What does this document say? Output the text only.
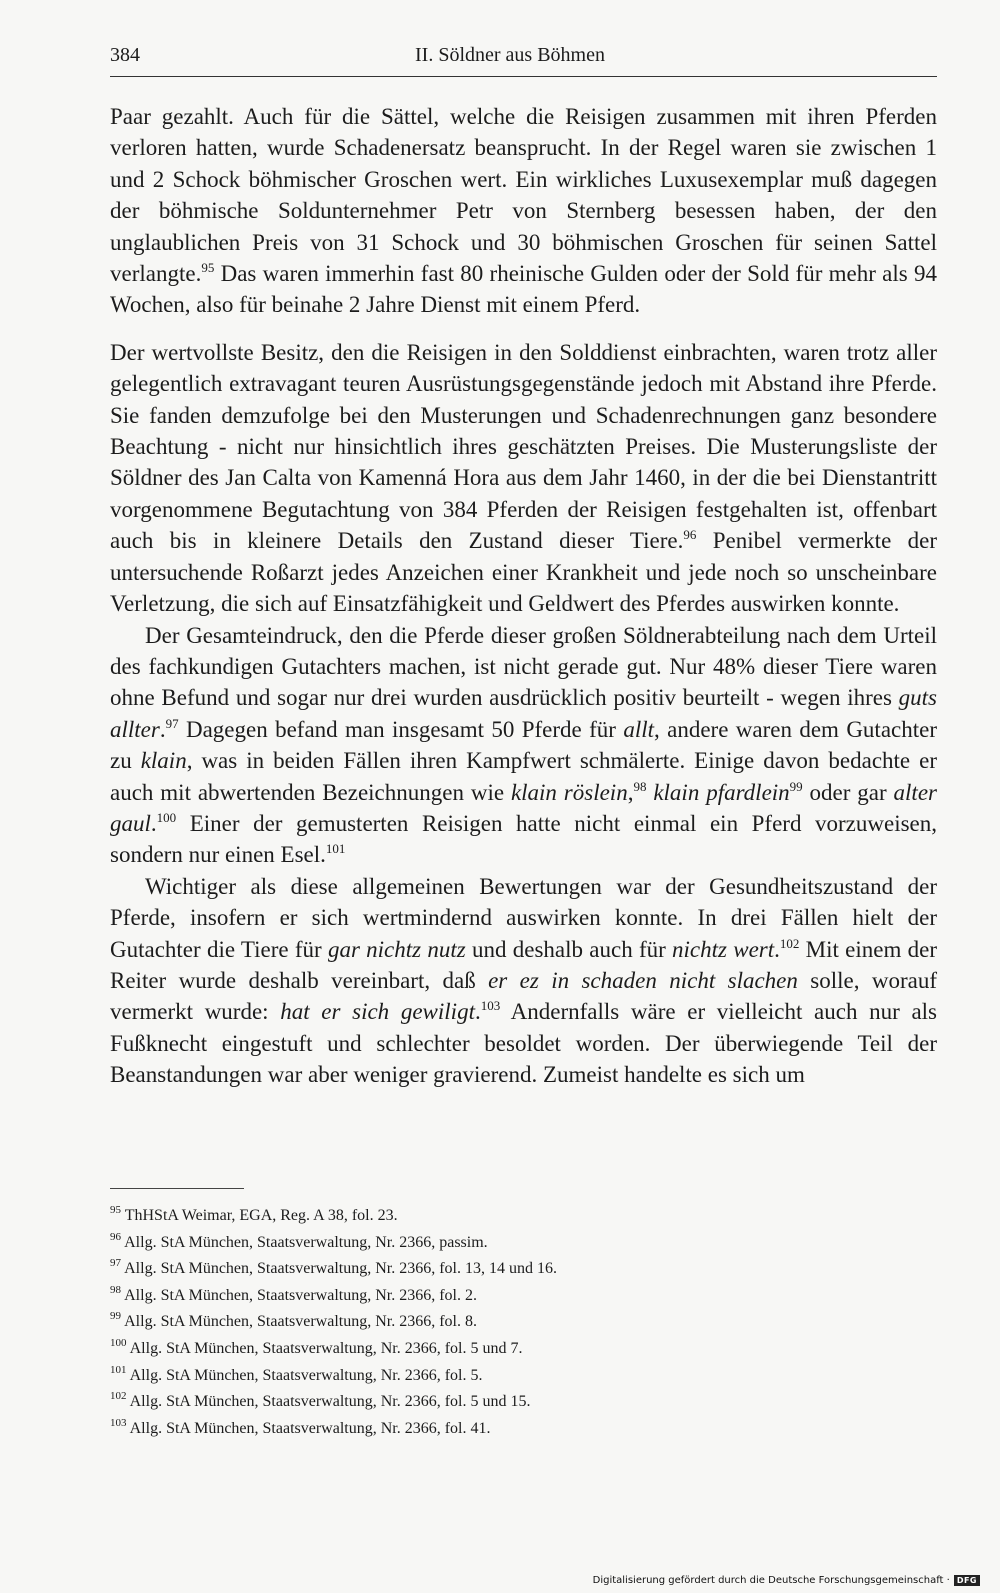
384	II. Söldner aus Böhmen

Paar gezahlt. Auch für die Sättel, welche die Reisigen zusammen mit ihren Pferden verloren hatten, wurde Schadenersatz beansprucht. In der Regel waren sie zwischen 1 und 2 Schock böhmischer Groschen wert. Ein wirkliches Luxusexemplar muß dagegen der böhmische Soldunternehmer Petr von Sternberg besessen haben, der den unglaublichen Preis von 31 Schock und 30 böhmischen Groschen für seinen Sattel verlangte.$^{95}$ Das waren immerhin fast 80 rheinische Gulden oder der Sold für mehr als 94 Wochen, also für beinahe 2 Jahre Dienst mit einem Pferd.

Der wertvollste Besitz, den die Reisigen in den Solddienst einbrachten, waren trotz aller gelegentlich extravagant teuren Ausrüstungsgegenstände jedoch mit Abstand ihre Pferde. Sie fanden demzufolge bei den Musterungen und Schadenrechnungen ganz besondere Beachtung - nicht nur hinsichtlich ihres geschätzten Preises. Die Musterungsliste der Söldner des Jan Calta von Kamenná Hora aus dem Jahr 1460, in der die bei Dienstantritt vorgenommene Begutachtung von 384 Pferden der Reisigen festgehalten ist, offenbart auch bis in kleinere Details den Zustand dieser Tiere.$^{96}$ Penibel vermerkte der untersuchende Roßarzt jedes Anzeichen einer Krankheit und jede noch so unscheinbare Verletzung, die sich auf Einsatzfähigkeit und Geldwert des Pferdes auswirken konnte.

Der Gesamteindruck, den die Pferde dieser großen Söldnerabteilung nach dem Urteil des fachkundigen Gutachters machen, ist nicht gerade gut. Nur 48% dieser Tiere waren ohne Befund und sogar nur drei wurden ausdrücklich positiv beurteilt - wegen ihres guts allter.$^{97}$ Dagegen befand man insgesamt 50 Pferde für allt, andere waren dem Gutachter zu klain, was in beiden Fällen ihren Kampfwert schmälerte. Einige davon bedachte er auch mit abwertenden Bezeichnungen wie klain röslein,$^{98}$ klain pfardlein$^{99}$ oder gar alter gaul.$^{100}$ Einer der gemusterten Reisigen hatte nicht einmal ein Pferd vorzuweisen, sondern nur einen Esel.$^{101}$

Wichtiger als diese allgemeinen Bewertungen war der Gesundheitszustand der Pferde, insofern er sich wertmindernd auswirken konnte. In drei Fällen hielt der Gutachter die Tiere für gar nichtz nutz und deshalb auch für nichtz wert.$^{102}$ Mit einem der Reiter wurde deshalb vereinbart, daß er ez in schaden nicht slachen solle, worauf vermerkt wurde: hat er sich gewiligt.$^{103}$ Andernfalls wäre er vielleicht auch nur als Fußknecht eingestuft und schlechter besoldet worden. Der überwiegende Teil der Beanstandungen war aber weniger gravierend. Zumeist handelte es sich um

$^{95}$ ThHStA Weimar, EGA, Reg. A 38, fol. 23.
$^{96}$ Allg. StA München, Staatsverwaltung, Nr. 2366, passim.
$^{97}$ Allg. StA München, Staatsverwaltung, Nr. 2366, fol. 13, 14 und 16.
$^{98}$ Allg. StA München, Staatsverwaltung, Nr. 2366, fol. 2.
$^{99}$ Allg. StA München, Staatsverwaltung, Nr. 2366, fol. 8.
$^{100}$ Allg. StA München, Staatsverwaltung, Nr. 2366, fol. 5 und 7.
$^{101}$ Allg. StA München, Staatsverwaltung, Nr. 2366, fol. 5.
$^{102}$ Allg. StA München, Staatsverwaltung, Nr. 2366, fol. 5 und 15.
$^{103}$ Allg. StA München, Staatsverwaltung, Nr. 2366, fol. 41.
Digitalisierung gefördert durch die Deutsche Forschungsgemeinschaft · DFG
